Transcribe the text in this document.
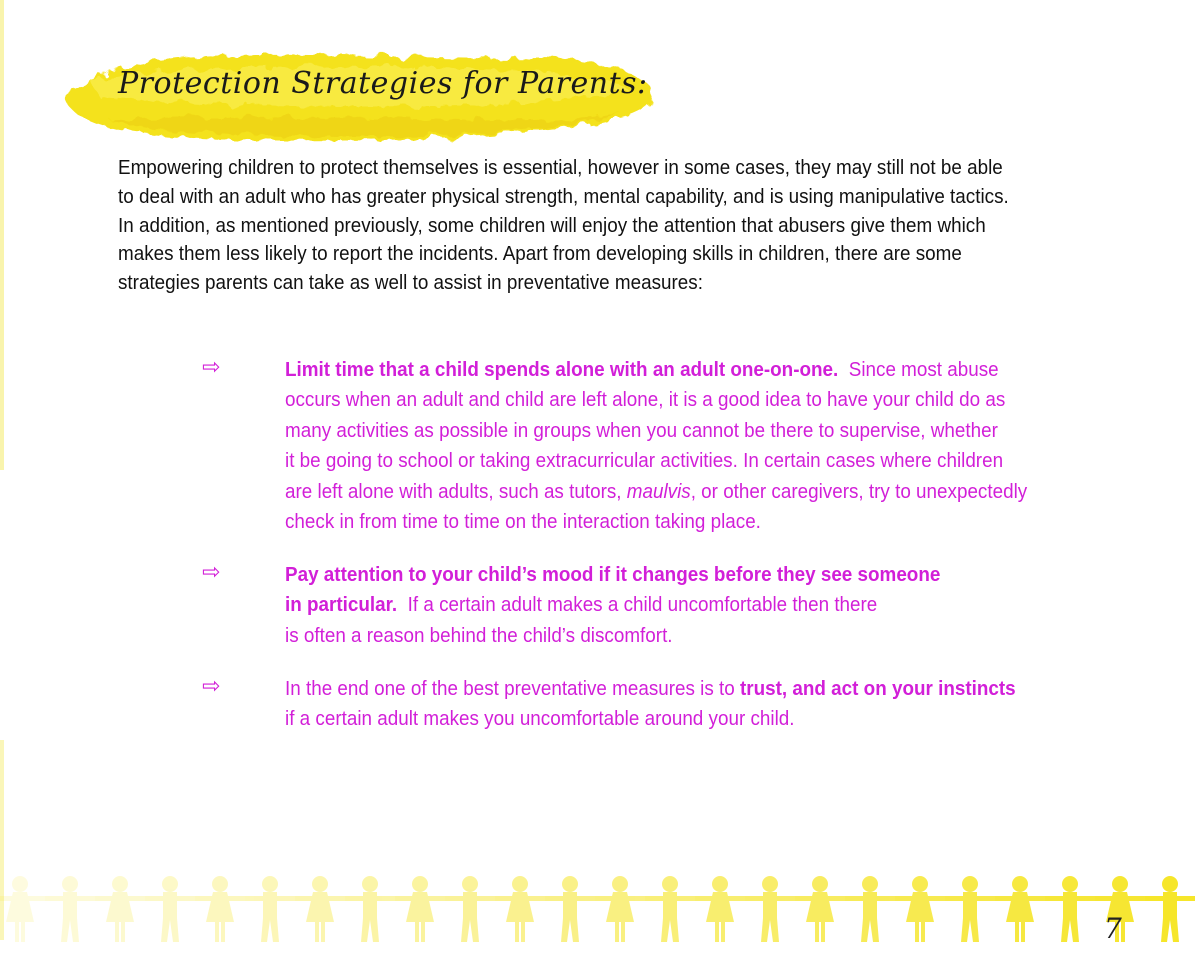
Protection Strategies for Parents:
Empowering children to protect themselves is essential, however in some cases, they may still not be able
to deal with an adult who has greater physical strength, mental capability, and is using manipulative tactics.
In addition, as mentioned previously, some children will enjoy the attention that abusers give them which
makes them less likely to report the incidents. Apart from developing skills in children, there are some
strategies parents can take as well to assist in preventative measures:
⇨	Limit time that a child spends alone with an adult one-on-one. Since most abuse
occurs when an adult and child are left alone, it is a good idea to have your child do as
many activities as possible in groups when you cannot be there to supervise, whether
it be going to school or taking extracurricular activities. In certain cases where children
are left alone with adults, such as tutors, maulvis, or other caregivers, try to unexpectedly
check in from time to time on the interaction taking place.
⇨	Pay attention to your child’s mood if it changes before they see someone
in particular.  If a certain adult makes a child uncomfortable then there
is often a reason behind the child’s discomfort.
⇨	In the end one of the best preventative measures is to trust, and act on your instincts
if a certain adult makes you uncomfortable around your child.
7
